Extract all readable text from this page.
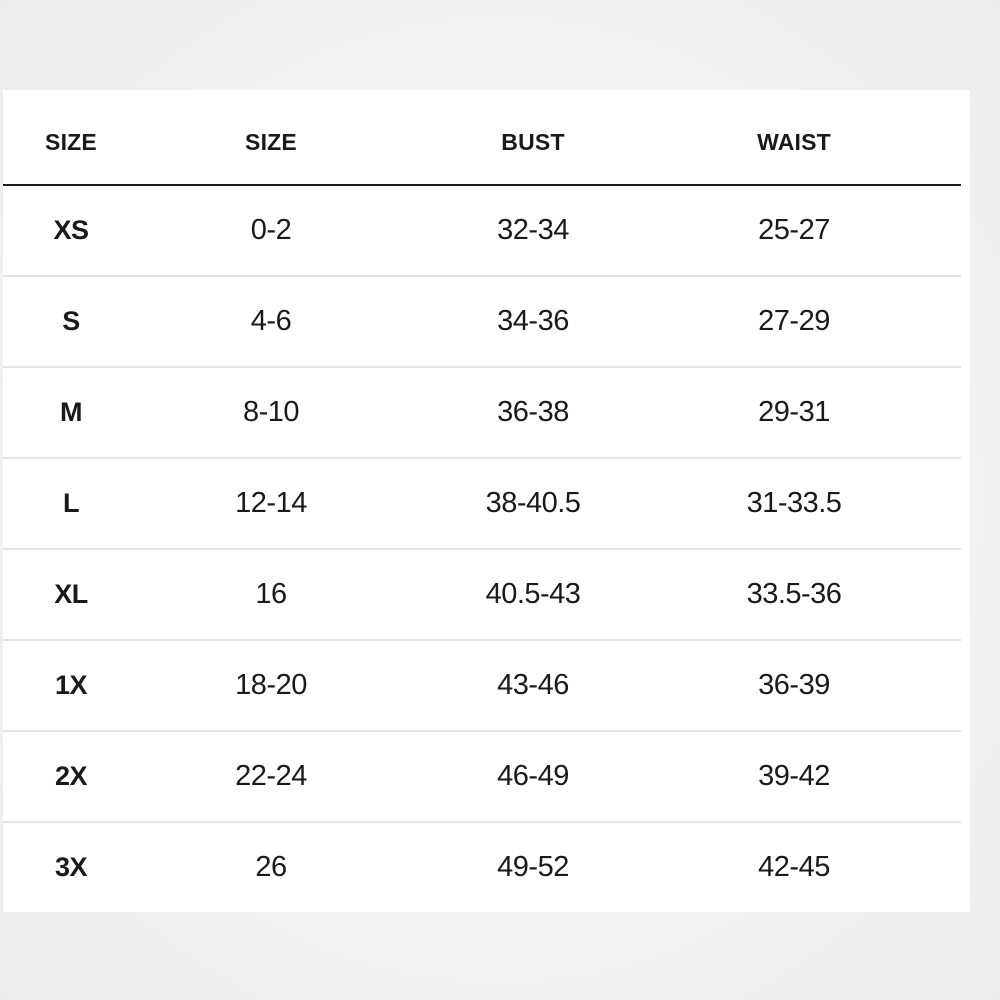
SIZE	SIZE	BUST	WAIST
XS	0-2	32-34	25-27
S	4-6	34-36	27-29
M	8-10	36-38	29-31
L	12-14	38-40.5	31-33.5
XL	16	40.5-43	33.5-36
1X	18-20	43-46	36-39
2X	22-24	46-49	39-42
3X	26	49-52	42-45
